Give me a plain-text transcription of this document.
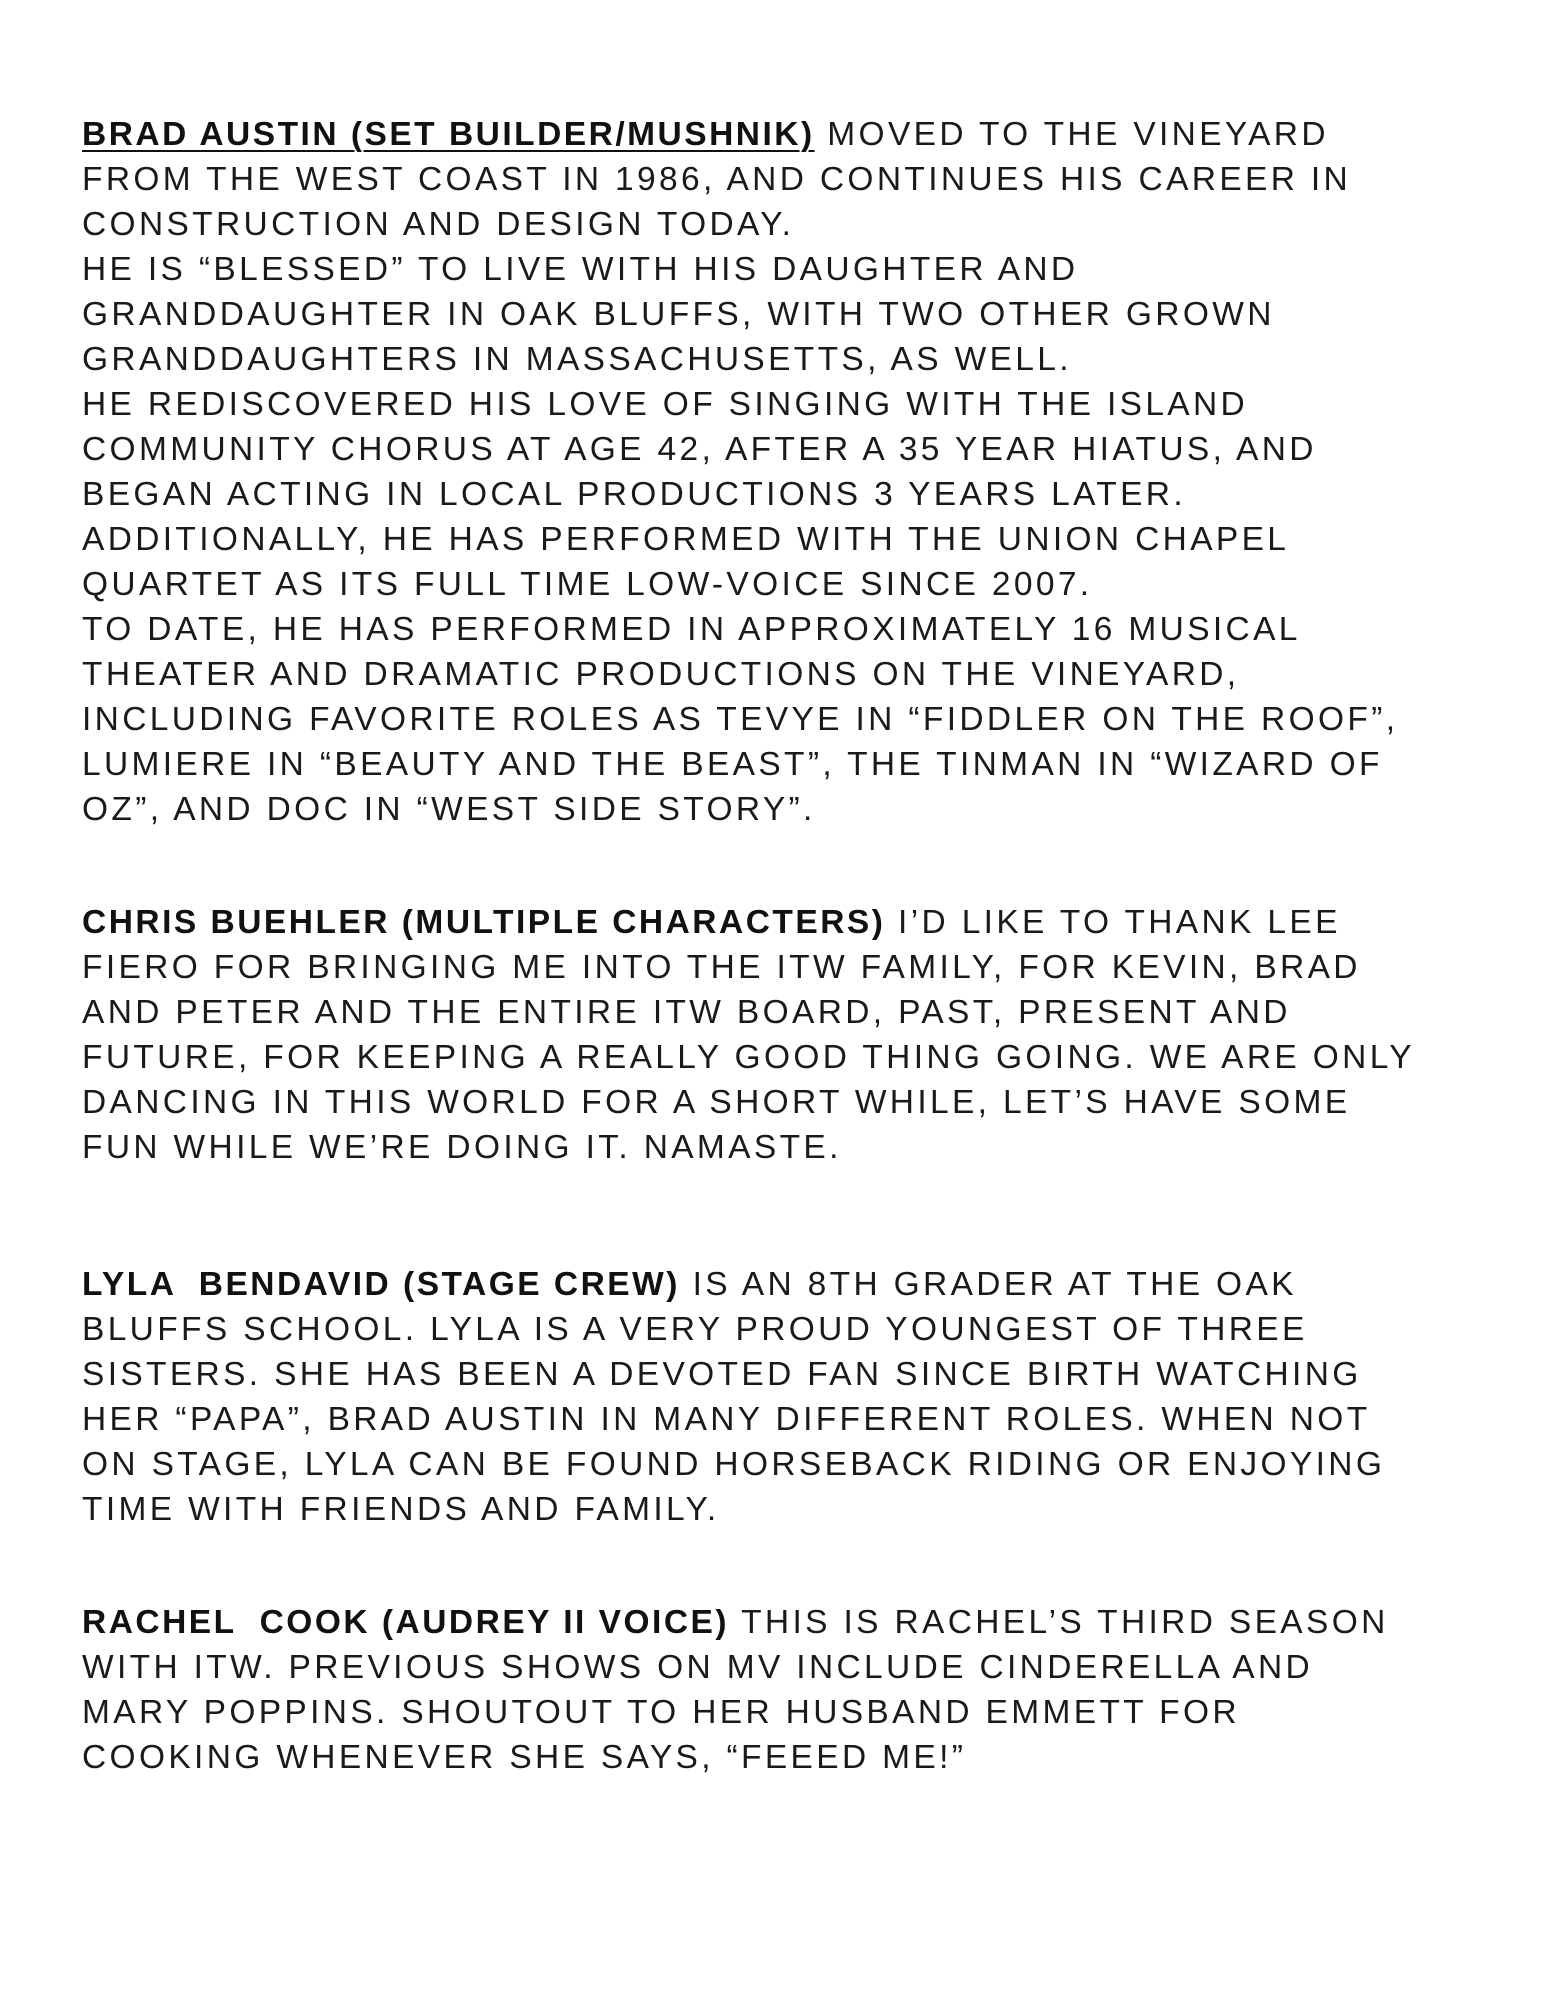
BRAD AUSTIN (SET BUILDER/MUSHNIK) MOVED TO THE VINEYARD
FROM THE WEST COAST IN 1986, AND CONTINUES HIS CAREER IN
CONSTRUCTION AND DESIGN TODAY.
HE IS “BLESSED” TO LIVE WITH HIS DAUGHTER AND
GRANDDAUGHTER IN OAK BLUFFS, WITH TWO OTHER GROWN
GRANDDAUGHTERS IN MASSACHUSETTS, AS WELL.
HE REDISCOVERED HIS LOVE OF SINGING WITH THE ISLAND
COMMUNITY CHORUS AT AGE 42, AFTER A 35 YEAR HIATUS, AND
BEGAN ACTING IN LOCAL PRODUCTIONS 3 YEARS LATER.
ADDITIONALLY, HE HAS PERFORMED WITH THE UNION CHAPEL
QUARTET AS ITS FULL TIME LOW-VOICE SINCE 2007.
TO DATE, HE HAS PERFORMED IN APPROXIMATELY 16 MUSICAL
THEATER AND DRAMATIC PRODUCTIONS ON THE VINEYARD,
INCLUDING FAVORITE ROLES AS TEVYE IN “FIDDLER ON THE ROOF”,
LUMIERE IN “BEAUTY AND THE BEAST”, THE TINMAN IN “WIZARD OF
OZ”, AND DOC IN “WEST SIDE STORY”.

CHRIS BUEHLER (MULTIPLE CHARACTERS) I’D LIKE TO THANK LEE
FIERO FOR BRINGING ME INTO THE ITW FAMILY, FOR KEVIN, BRAD
AND PETER AND THE ENTIRE ITW BOARD, PAST, PRESENT AND
FUTURE, FOR KEEPING A REALLY GOOD THING GOING. WE ARE ONLY
DANCING IN THIS WORLD FOR A SHORT WHILE, LET’S HAVE SOME
FUN WHILE WE’RE DOING IT. NAMASTE.

LYLA  BENDAVID (STAGE CREW) IS AN 8TH GRADER AT THE OAK
BLUFFS SCHOOL. LYLA IS A VERY PROUD YOUNGEST OF THREE
SISTERS. SHE HAS BEEN A DEVOTED FAN SINCE BIRTH WATCHING
HER “PAPA”, BRAD AUSTIN IN MANY DIFFERENT ROLES. WHEN NOT
ON STAGE, LYLA CAN BE FOUND HORSEBACK RIDING OR ENJOYING
TIME WITH FRIENDS AND FAMILY.

RACHEL  COOK (AUDREY II VOICE) THIS IS RACHEL’S THIRD SEASON
WITH ITW. PREVIOUS SHOWS ON MV INCLUDE CINDERELLA AND
MARY POPPINS. SHOUTOUT TO HER HUSBAND EMMETT FOR
COOKING WHENEVER SHE SAYS, “FEEED ME!”
